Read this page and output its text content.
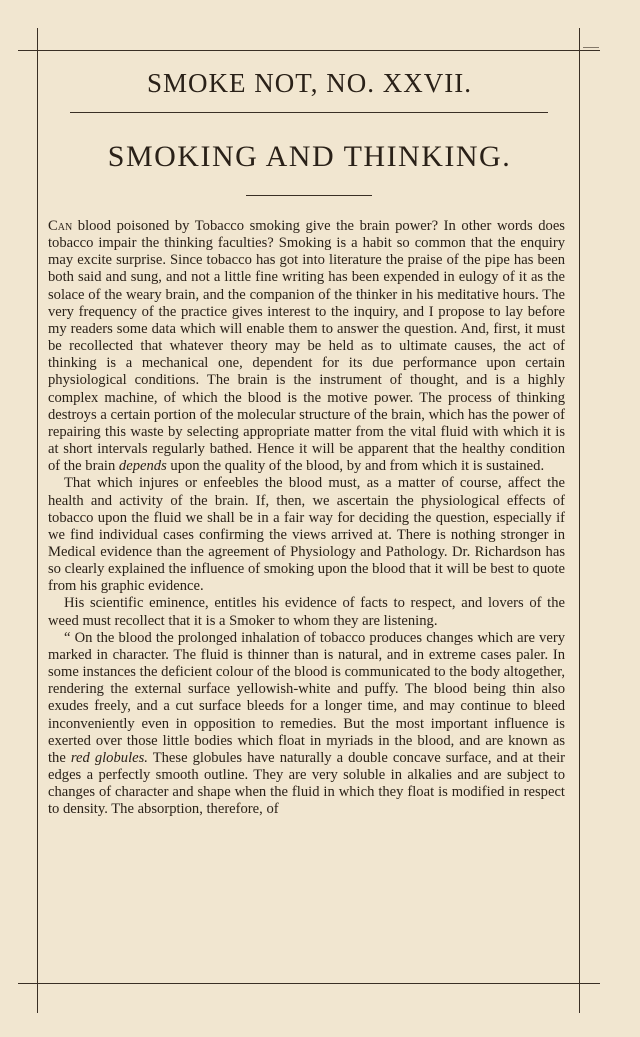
SMOKE NOT, NO. XXVII.
SMOKING AND THINKING.

Can blood poisoned by Tobacco smoking give the brain power? In other words does tobacco impair the thinking faculties? Smoking is a habit so common that the enquiry may excite surprise. Since tobacco has got into literature the praise of the pipe has been both said and sung, and not a little fine writing has been expended in eulogy of it as the solace of the weary brain, and the companion of the thinker in his meditative hours. The very frequency of the practice gives interest to the inquiry, and I propose to lay before my readers some data which will enable them to answer the question. And, first, it must be recollected that whatever theory may be held as to ultimate causes, the act of thinking is a mechanical one, dependent for its due performance upon certain physiological conditions. The brain is the instrument of thought, and is a highly complex machine, of which the blood is the motive power. The process of thinking destroys a certain portion of the molecular structure of the brain, which has the power of repairing this waste by selecting appropriate matter from the vital fluid with which it is at short intervals regularly bathed. Hence it will be apparent that the healthy condition of the brain depends upon the quality of the blood, by and from which it is sustained.

That which injures or enfeebles the blood must, as a matter of course, affect the health and activity of the brain. If, then, we ascertain the physiological effects of tobacco upon the fluid we shall be in a fair way for deciding the question, especially if we find individual cases confirming the views arrived at. There is nothing stronger in Medical evidence than the agreement of Physiology and Pathology. Dr. Richardson has so clearly explained the influence of smoking upon the blood that it will be best to quote from his graphic evidence.

His scientific eminence, entitles his evidence of facts to respect, and lovers of the weed must recollect that it is a Smoker to whom they are listening.

“ On the blood the prolonged inhalation of tobacco produces changes which are very marked in character. The fluid is thinner than is natural, and in extreme cases paler. In some instances the deficient colour of the blood is communicated to the body altogether, rendering the external surface yellowish-white and puffy. The blood being thin also exudes freely, and a cut surface bleeds for a longer time, and may continue to bleed inconveniently even in opposition to remedies. But the most important influence is exerted over those little bodies which float in myriads in the blood, and are known as the red globules. These globules have naturally a double concave surface, and at their edges a perfectly smooth outline. They are very soluble in alkalies and are subject to changes of character and shape when the fluid in which they float is modified in respect to density. The absorption, therefore, of
